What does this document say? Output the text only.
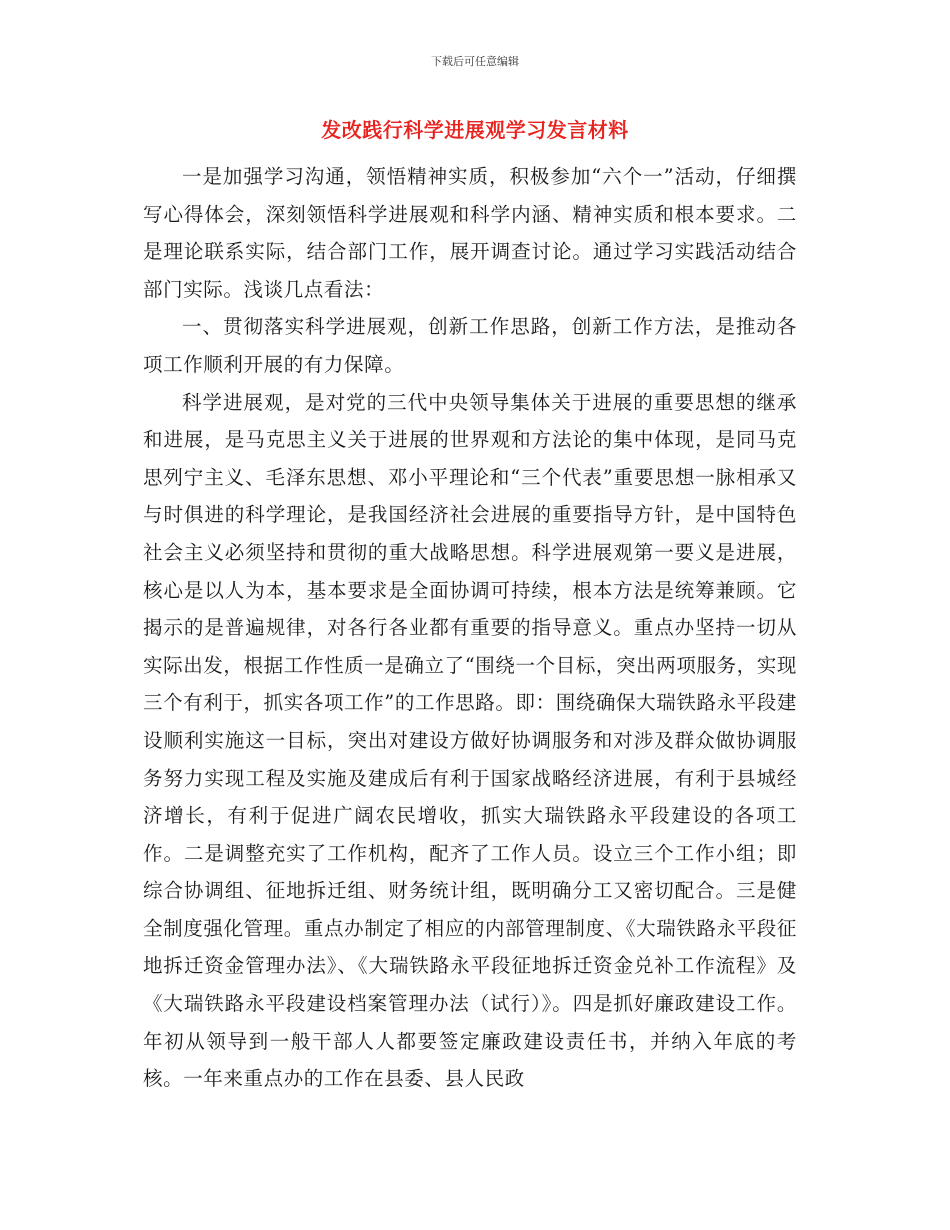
下载后可任意编辑
发改践行科学进展观学习发言材料

一是加强学习沟通，领悟精神实质，积极参加“六个一”活动，仔细撰写心得体会，深刻领悟科学进展观和科学内涵、精神实质和根本要求。二是理论联系实际，结合部门工作，展开调查讨论。通过学习实践活动结合部门实际。浅谈几点看法：

一、贯彻落实科学进展观，创新工作思路，创新工作方法，是推动各项工作顺利开展的有力保障。

科学进展观，是对党的三代中央领导集体关于进展的重要思想的继承和进展，是马克思主义关于进展的世界观和方法论的集中体现，是同马克思列宁主义、毛泽东思想、邓小平理论和“三个代表”重要思想一脉相承又与时俱进的科学理论，是我国经济社会进展的重要指导方针，是中国特色社会主义必须坚持和贯彻的重大战略思想。科学进展观第一要义是进展，核心是以人为本，基本要求是全面协调可持续，根本方法是统筹兼顾。它揭示的是普遍规律，对各行各业都有重要的指导意义。重点办坚持一切从实际出发，根据工作性质一是确立了“围绕一个目标，突出两项服务，实现三个有利于，抓实各项工作”的工作思路。即：围绕确保大瑞铁路永平段建设顺利实施这一目标，突出对建设方做好协调服务和对涉及群众做协调服务努力实现工程及实施及建成后有利于国家战略经济进展，有利于县城经济增长，有利于促进广阔农民增收，抓实大瑞铁路永平段建设的各项工作。二是调整充实了工作机构，配齐了工作人员。设立三个工作小组；即综合协调组、征地拆迁组、财务统计组，既明确分工又密切配合。三是健全制度强化管理。重点办制定了相应的内部管理制度、《大瑞铁路永平段征地拆迁资金管理办法》、《大瑞铁路永平段征地拆迁资金兑补工作流程》及《大瑞铁路永平段建设档案管理办法（试行）》。四是抓好廉政建设工作。年初从领导到一般干部人人都要签定廉政建设责任书，并纳入年底的考核。一年来重点办的工作在县委、县人民政
